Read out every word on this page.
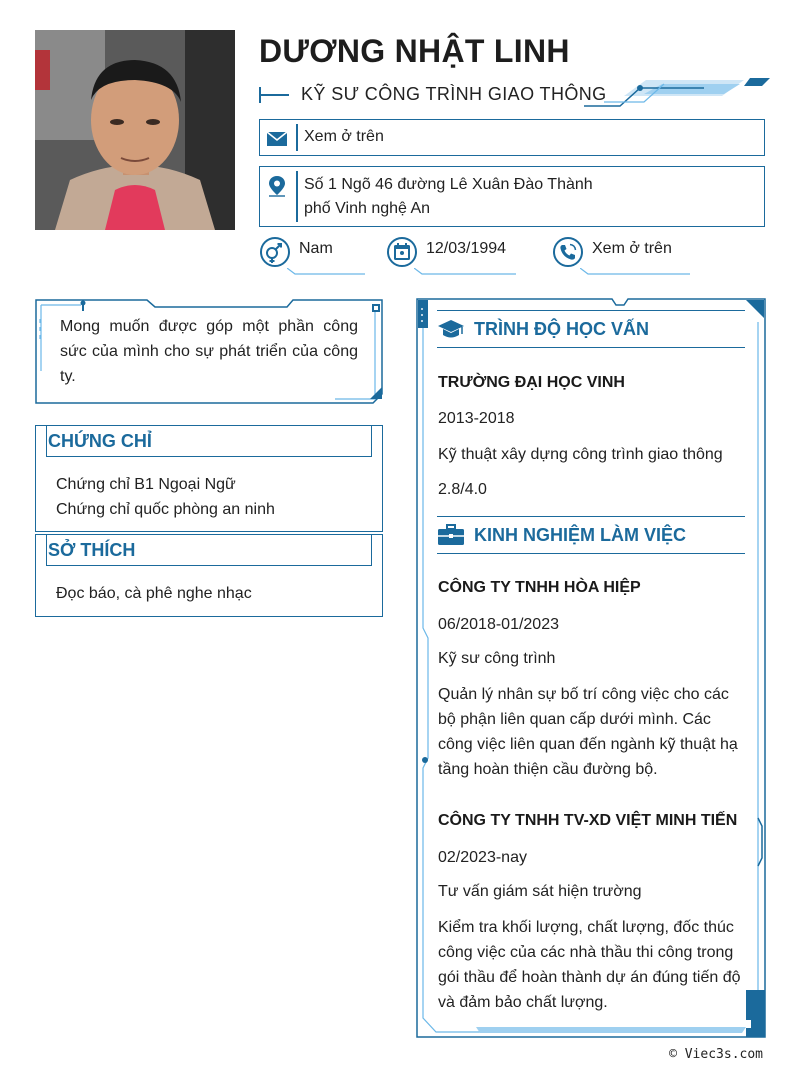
DƯƠNG NHẬT LINH
KỸ SƯ CÔNG TRÌNH GIAO THÔNG
Xem ở trên
Số 1 Ngõ 46 đường Lê Xuân Đào Thành
phố Vinh nghệ An
Nam	12/03/1994	Xem ở trên
Mong muốn được góp một phần công sức của mình cho sự phát triển của công ty.
CHỨNG CHỈ
Chứng chỉ B1 Ngoại Ngữ
Chứng chỉ quốc phòng an ninh
SỞ THÍCH
Đọc báo, cà phê nghe nhạc
TRÌNH ĐỘ HỌC VẤN
TRƯỜNG ĐẠI HỌC VINH
2013-2018
Kỹ thuật xây dựng công trình giao thông
2.8/4.0
KINH NGHIỆM LÀM VIỆC
CÔNG TY TNHH HÒA HIỆP
06/2018-01/2023
Kỹ sư công trình
Quản lý nhân sự bố trí công việc cho các bộ phận liên quan cấp dưới mình. Các công việc liên quan đến ngành kỹ thuật hạ tầng hoàn thiện cầu đường bộ.
CÔNG TY TNHH TV-XD VIỆT MINH TIẾN
02/2023-nay
Tư vấn giám sát hiện trường
Kiểm tra khối lượng, chất lượng, đốc thúc công việc của các nhà thầu thi công trong gói thầu để hoàn thành dự án đúng tiến độ và đảm bảo chất lượng.
© Viec3s.com
